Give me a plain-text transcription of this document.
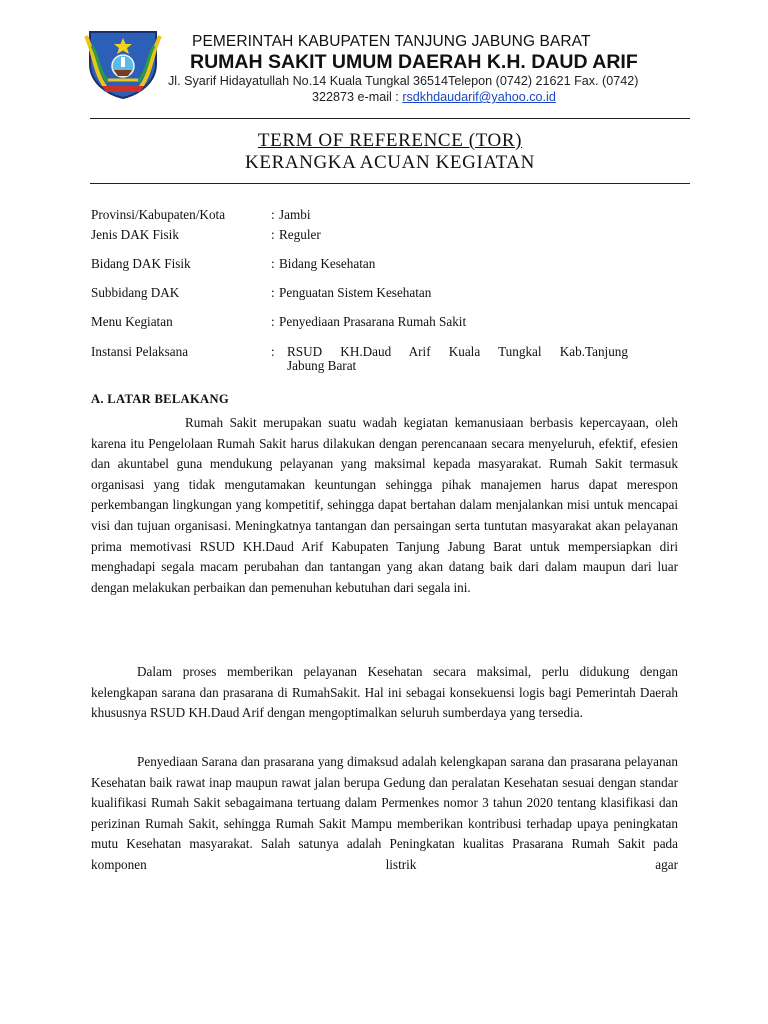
PEMERINTAH KABUPATEN TANJUNG JABUNG BARAT
RUMAH SAKIT UMUM DAERAH K.H. DAUD ARIF
Jl. Syarif Hidayatullah No.14 Kuala Tungkal 36514Telepon (0742) 21621 Fax. (0742)
322873 e-mail : rsdkhdaudarif@yahoo.co.id
TERM OF REFERENCE (TOR)
KERANGKA ACUAN KEGIATAN
Provinsi/Kabupaten/Kota	: Jambi
Jenis DAK Fisik	: Reguler
Bidang DAK Fisik	: Bidang Kesehatan
Subbidang DAK	: Penguatan Sistem Kesehatan
Menu Kegiatan	: Penyediaan Prasarana Rumah Sakit
Instansi Pelaksana	: RSUD KH.Daud Arif Kuala Tungkal Kab.Tanjung
Jabung Barat
A. LATAR BELAKANG

Rumah Sakit merupakan suatu wadah kegiatan kemanusiaan berbasis kepercayaan, oleh karena itu Pengelolaan Rumah Sakit harus dilakukan dengan perencanaan secara menyeluruh, efektif, efesien dan akuntabel guna mendukung pelayanan yang maksimal kepada masyarakat. Rumah Sakit termasuk organisasi yang tidak mengutamakan keuntungan sehingga pihak manajemen harus dapat merespon perkembangan lingkungan yang kompetitif, sehingga dapat bertahan dalam menjalankan misi untuk mencapai visi dan tujuan organisasi. Meningkatnya tantangan dan persaingan serta tuntutan masyarakat akan pelayanan prima memotivasi RSUD KH.Daud Arif Kabupaten Tanjung Jabung Barat untuk mempersiapkan diri menghadapi segala macam perubahan dan tantangan yang akan datang baik dari dalam maupun dari luar dengan melakukan perbaikan dan pemenuhan kebutuhan dari segala ini.

Dalam proses memberikan pelayanan Kesehatan secara maksimal, perlu didukung dengan kelengkapan sarana dan prasarana di RumahSakit. Hal ini sebagai konsekuensi logis bagi Pemerintah Daerah khususnya RSUD KH.Daud Arif dengan mengoptimalkan seluruh sumberdaya yang tersedia.

Penyediaan Sarana dan prasarana yang dimaksud adalah kelengkapan sarana dan prasarana pelayanan Kesehatan baik rawat inap maupun rawat jalan berupa Gedung dan peralatan Kesehatan sesuai dengan standar kualifikasi Rumah Sakit sebagaimana tertuang dalam Permenkes nomor 3 tahun 2020 tentang klasifikasi dan perizinan Rumah Sakit, sehingga Rumah Sakit Mampu memberikan kontribusi terhadap upaya peningkatan mutu Kesehatan masyarakat. Salah satunya adalah Peningkatan kualitas Prasarana Rumah Sakit pada komponen listrik agar
